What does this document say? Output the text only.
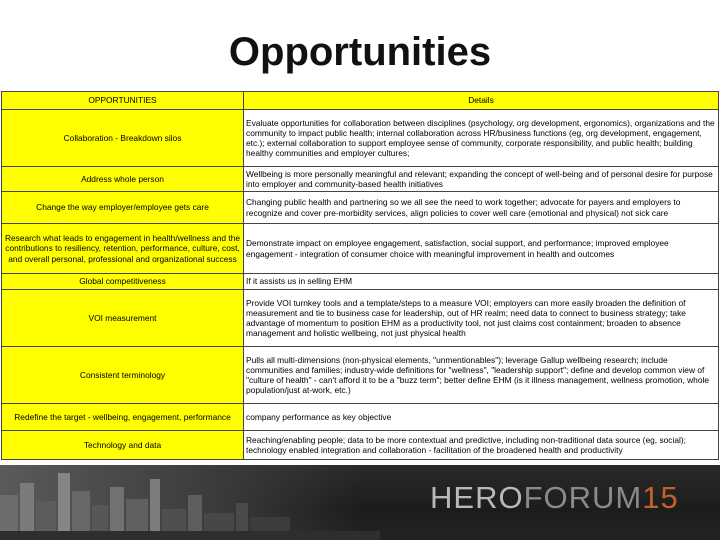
Opportunities
OPPORTUNITIES	Details
Collaboration - Breakdown silos	Evaluate opportunities for collaboration between disciplines (psychology, org development, ergonomics), organizations and the community to impact public health; internal collaboration across HR/business functions (eg, org development, engagement, etc.); external collaboration to support employee sense of community, corporate responsibility, and public health; building healthy communities and employer cultures;
Address whole person	Wellbeing is more personally meaningful and relevant; expanding the concept of well-being and of personal desire for purpose into employer and community-based health initiatives
Change the way employer/employee gets care	Changing public health and partnering so we all see the need to work together; advocate for payers and employers to recognize and cover pre-morbidity services, align policies to cover well care (emotional and physical) not sick care
Research what leads to engagement in health/wellness and the contributions to resiliency, retention, performance, culture, cost, and overall personal, professional and organizational success	Demonstrate impact on employee engagement, satisfaction, social support, and performance; improved employee engagement - integration of consumer choice with meaningful improvement in health and outcomes
Global competitiveness	If it assists us in selling EHM
VOI measurement	Provide VOI turnkey tools and a template/steps to a measure VOI; employers can more easily broaden the definition of measurement and tie to business case for leadership, out of HR realm; need data to connect to business strategy; take advantage of momentum to position EHM as a productivity tool, not just claims cost containment; broaden to absence management and holistic wellbeing, not just physical health
Consistent terminology	Pulls all multi-dimensions (non-physical elements, "unmentionables"); leverage Gallup wellbeing research; include communities and families; industry-wide definitions for "wellness", "leadership support"; define and develop common view of "culture of health" - can't afford it to be a "buzz term"; better define EHM (is it illness management, wellness promotion, whole population/just at-work, etc.)
Redefine the target - wellbeing, engagement, performance	company performance as key objective
Technology and data	Reaching/enabling people; data to be more contextual and predictive, including non-traditional data source (eg, social); technology enabled integration and collaboration - facilitation of the broadened health and productivity
HEROFORUM15
